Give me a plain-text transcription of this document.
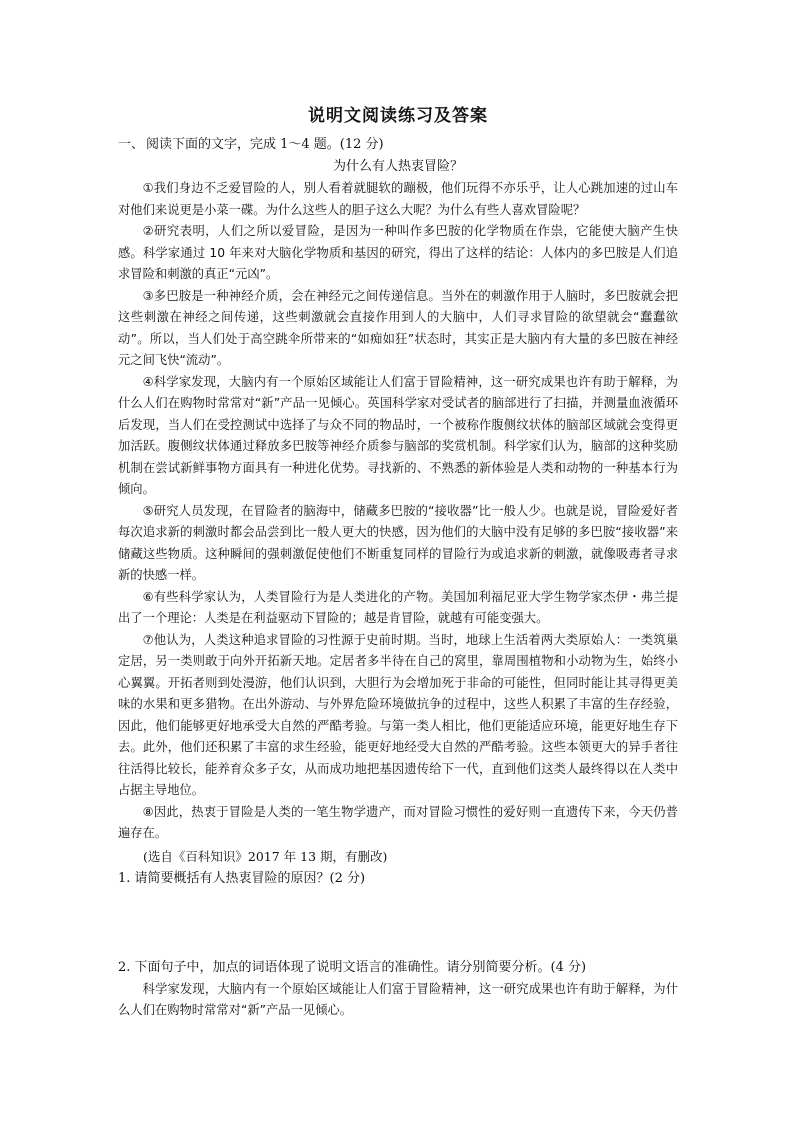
说明文阅读练习及答案
一、 阅读下面的文字，完成 1～4 题。(12 分)
为什么有人热衷冒险？

①我们身边不乏爱冒险的人，别人看着就腿软的蹦极，他们玩得不亦乐乎，让人心跳加速的过山车对他们来说更是小菜一碟。为什么这些人的胆子这么大呢？为什么有些人喜欢冒险呢？

②研究表明，人们之所以爱冒险，是因为一种叫作多巴胺的化学物质在作祟，它能使大脑产生快感。科学家通过 10 年来对大脑化学物质和基因的研究，得出了这样的结论：人体内的多巴胺是人们追求冒险和刺激的真正“元凶”。

③多巴胺是一种神经介质，会在神经元之间传递信息。当外在的刺激作用于人脑时，多巴胺就会把这些刺激在神经之间传递，这些刺激就会直接作用到人的大脑中，人们寻求冒险的欲望就会“蠢蠢欲动”。所以，当人们处于高空跳伞所带来的“如痴如狂”状态时，其实正是大脑内有大量的多巴胺在神经元之间飞快“流动”。

④科学家发现，大脑内有一个原始区域能让人们富于冒险精神，这一研究成果也许有助于解释，为什么人们在购物时常常对“新”产品一见倾心。英国科学家对受试者的脑部进行了扫描，并测量血液循环后发现，当人们在受控测试中选择了与众不同的物品时，一个被称作腹侧纹状体的脑部区域就会变得更加活跃。腹侧纹状体通过释放多巴胺等神经介质参与脑部的奖赏机制。科学家们认为，脑部的这种奖励机制在尝试新鲜事物方面具有一种进化优势。寻找新的、不熟悉的新体验是人类和动物的一种基本行为倾向。

⑤研究人员发现，在冒险者的脑海中，储藏多巴胺的“接收器”比一般人少。也就是说，冒险爱好者每次追求新的刺激时都会品尝到比一般人更大的快感，因为他们的大脑中没有足够的多巴胺“接收器”来储藏这些物质。这种瞬间的强刺激促使他们不断重复同样的冒险行为或追求新的刺激，就像吸毒者寻求新的快感一样。

⑥有些科学家认为，人类冒险行为是人类进化的产物。美国加利福尼亚大学生物学家杰伊・弗兰提出了一个理论：人类是在利益驱动下冒险的；越是肯冒险，就越有可能变强大。

⑦他认为，人类这种追求冒险的习性源于史前时期。当时，地球上生活着两大类原始人：一类筑巢定居，另一类则敢于向外开拓新天地。定居者多半待在自己的窝里，靠周围植物和小动物为生，始终小心翼翼。开拓者则到处漫游，他们认识到，大胆行为会增加死于非命的可能性，但同时能让其寻得更美味的水果和更多猎物。在出外游动、与外界危险环境做抗争的过程中，这些人积累了丰富的生存经验，因此，他们能够更好地承受大自然的严酷考验。与第一类人相比，他们更能适应环境，能更好地生存下去。此外，他们还积累了丰富的求生经验，能更好地经受大自然的严酷考验。这些本领更大的异手者往往活得比较长，能养育众多子女，从而成功地把基因遗传给下一代，直到他们这类人最终得以在人类中占据主导地位。

⑧因此，热衷于冒险是人类的一笔生物学遗产，而对冒险习惯性的爱好则一直遗传下来，今天仍普遍存在。

(选自《百科知识》2017 年 13 期，有删改)

1. 请简要概括有人热衷冒险的原因？(2 分)

2. 下面句子中，加点的词语体现了说明文语言的准确性。请分别简要分析。(4 分)

科学家发现，大脑内有一个原始区域能让人们富于冒险精神，这一研究成果也许有助于解释，为什么人们在购物时常常对“新”产品一见倾心。
